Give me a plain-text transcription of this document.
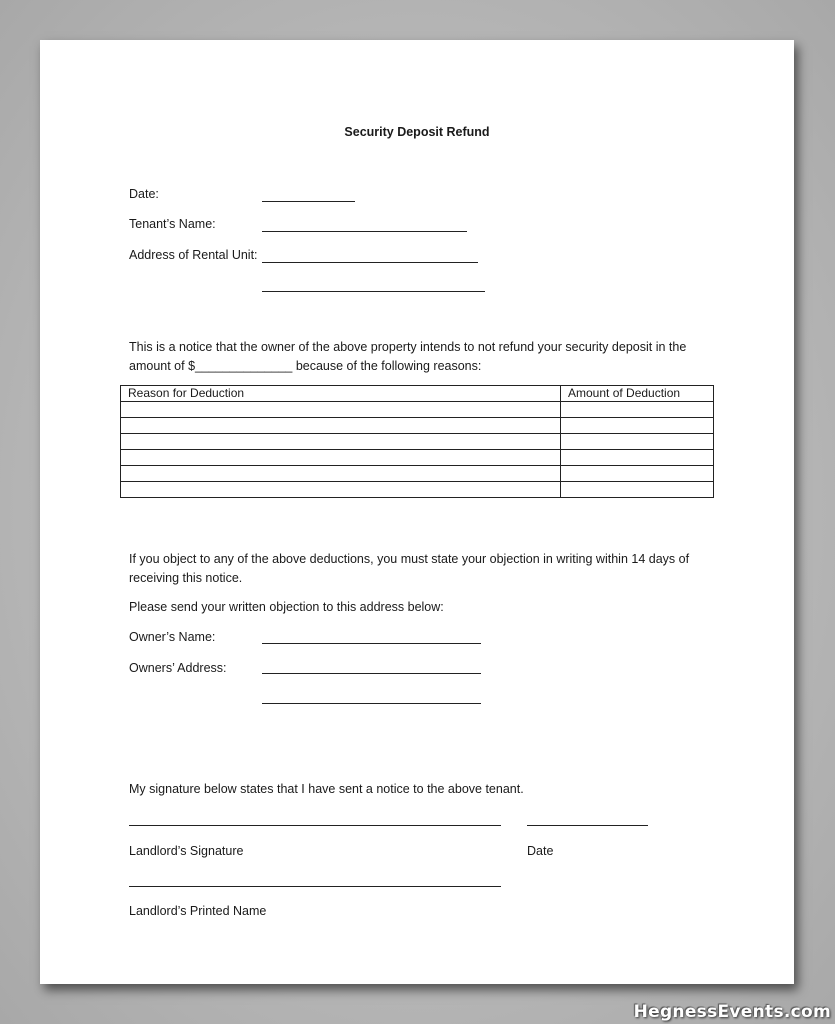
Security Deposit Refund
Date:
Tenant’s Name:
Address of Rental Unit:
This is a notice that the owner of the above property intends to not refund your security deposit in the amount of $______________ because of the following reasons:
Reason for Deduction	Amount of Deduction

If you object to any of the above deductions, you must state your objection in writing within 14 days of receiving this notice.
Please send your written objection to this address below:
Owner’s Name:
Owners’ Address:
My signature below states that I have sent a notice to the above tenant.
Landlord’s Signature	Date
Landlord’s Printed Name
HegnessEvents.com
